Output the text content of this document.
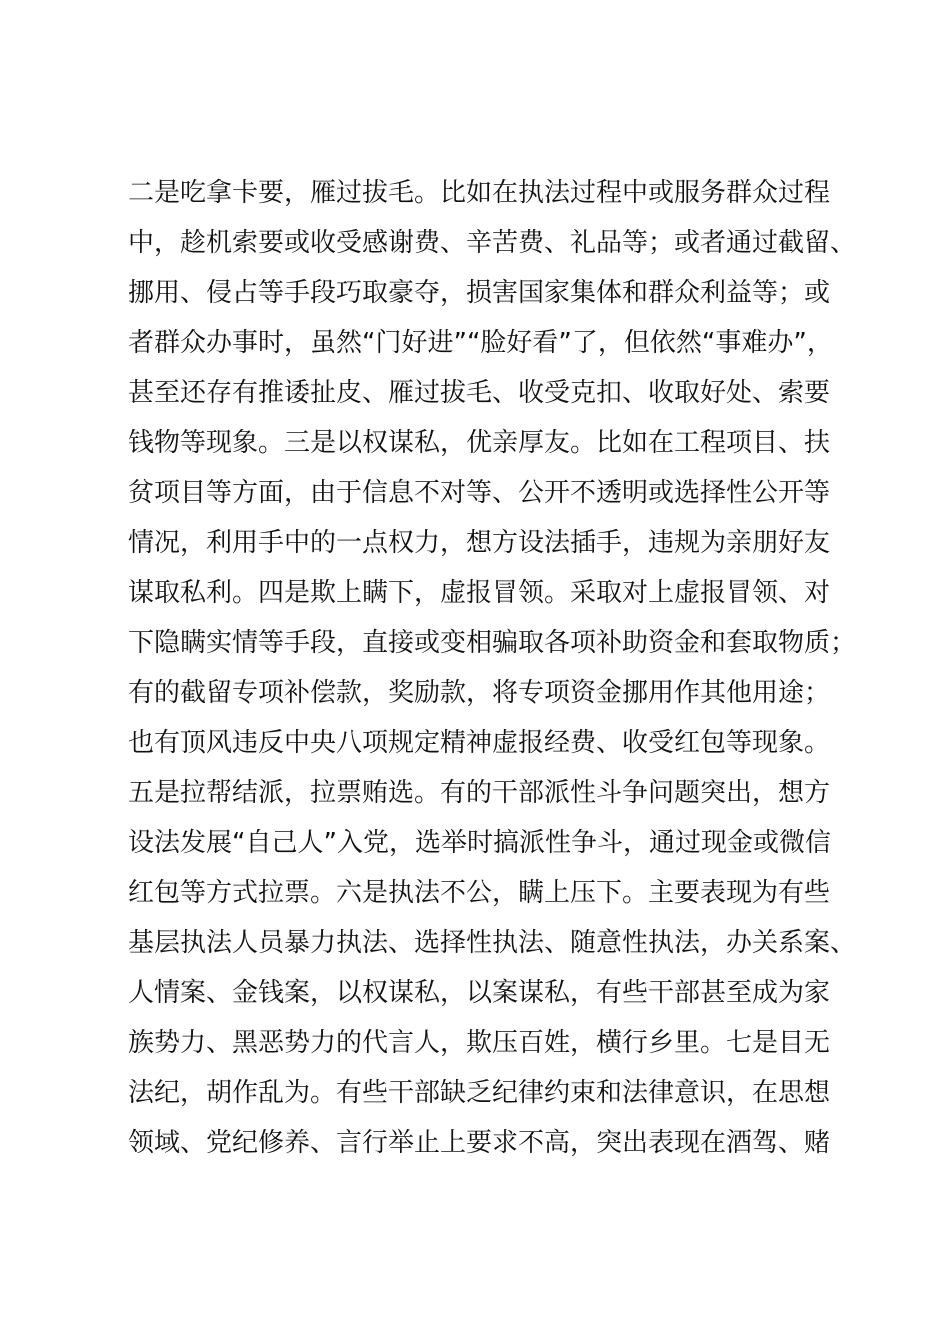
二是吃拿卡要，雁过拔毛。比如在执法过程中或服务群众过程
中，趁机索要或收受感谢费、辛苦费、礼品等；或者通过截留、
挪用、侵占等手段巧取豪夺，损害国家集体和群众利益等；或
者群众办事时，虽然“门好进”“脸好看”了，但依然“事难办”，
甚至还存有推诿扯皮、雁过拔毛、收受克扣、收取好处、索要
钱物等现象。三是以权谋私，优亲厚友。比如在工程项目、扶
贫项目等方面，由于信息不对等、公开不透明或选择性公开等
情况，利用手中的一点权力，想方设法插手，违规为亲朋好友
谋取私利。四是欺上瞒下，虚报冒领。采取对上虚报冒领、对
下隐瞒实情等手段，直接或变相骗取各项补助资金和套取物质；
有的截留专项补偿款，奖励款，将专项资金挪用作其他用途；
也有顶风违反中央八项规定精神虚报经费、收受红包等现象。
五是拉帮结派，拉票贿选。有的干部派性斗争问题突出，想方
设法发展“自己人”入党，选举时搞派性争斗，通过现金或微信
红包等方式拉票。六是执法不公，瞒上压下。主要表现为有些
基层执法人员暴力执法、选择性执法、随意性执法，办关系案、
人情案、金钱案，以权谋私，以案谋私，有些干部甚至成为家
族势力、黑恶势力的代言人，欺压百姓，横行乡里。七是目无
法纪，胡作乱为。有些干部缺乏纪律约束和法律意识，在思想
领域、党纪修养、言行举止上要求不高，突出表现在酒驾、赌
